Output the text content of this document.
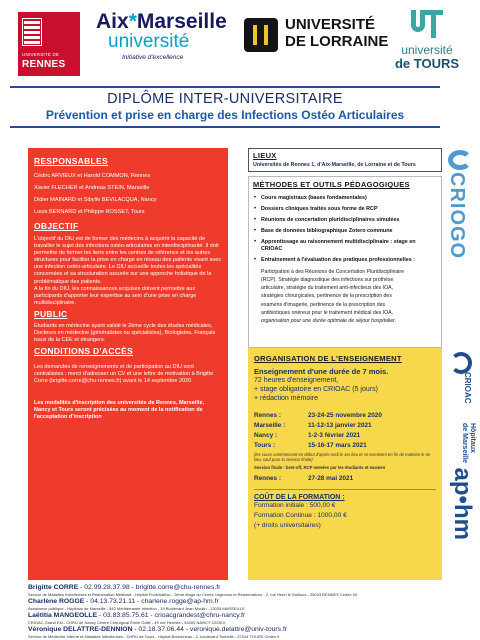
UNIVERSITÉ DE
RENNES
Aix*Marseille
université
Initiative d'excellence
UNIVERSITÉ
DE LORRAINE	université
de TOURS
DIPLÔME INTER-UNIVERSITAIRE
Prévention et prise en charge des Infections Ostéo Articulaires
RESPONSABLES
Cédric ARVIEUX et Harold COMMON, Rennes
Xavier FLECHER et Andreas STEIN, Marseille
Didier MAINARD et Sibylle BEVILACQUA, Nancy
Louis BERNARD et Philippe ROSSET, Tours
OBJECTIF

L'objectif du DIU est de former des médecins à acquérir la capacité de travailler le sujet des infections ostéo-articulaires en interdisciplinarité. Il doit permettre de former les liens entre les centres de référence et les autres structures pour faciliter la prise en charge en réseau des patients vivant avec une infection ostéo-articulaire. Le DIU accueille toutes les spécialités concernées et sa structuration assurée sur une approche holistique de la problématique des patients.

A la fin du DIU, les connaissances acquises doivent permettre aux participants d'apporter leur expertise au sein d'une prise en charge multidisciplinaire.

PUBLIC

Étudiants en médecine ayant validé le 2ème cycle des études médicales, Docteurs en médecine (généralistes ou spécialistes), Biologistes, Français issus de la CEE et étrangers.

CONDITIONS D'ACCÈS

Les demandes de renseignements et de participation au DIU sont centralisées : merci d'adresser un CV et une lettre de motivation à Brigitte Corre (brigitte.corre@chu-rennes.fr) avant le 14 septembre 2020

Les modalités d'inscription des universités de Rennes, Marseille, Nancy et Tours seront précisées au moment de la notification de l'acceptation d'inscription

LIEUX

Universités de Rennes 1, d'Aix-Marseille, de Lorraine et de Tours

MÉTHODES ET OUTILS PÉDAGOGIQUES
• Cours magistraux (bases fondamentales)
• Dossiers cliniques traités sous forme de RCP
• Réunions de concertation pluridisciplinaires simulées
• Base de données bibliographique Zotero commune
• Apprentissage au raisonnement multidisciplinaire : stage en CRIOAC
• Entraînement à l'évaluation des pratiques professionnelles :
Participation à des Réunions de Concertation Pluridisciplinaire
(RCP). Stratégie diagnostique des infections sur prothèse
articulaire, stratégie du traitement anti-infectieux des IOA,
stratégies chirurgicales, pertinence de la prescription des
examens d'imagerie, pertinence de la prescription des
antibiotiques onéreux pour le traitement médical des IOA,
organisation pour une durée optimale de séjour hospitalier.
ORGANISATION DE L'ENSEIGNEMENT
Enseignement d'une durée de 7 mois.
72 heures d'enseignement,
+ stage obligatoire en CRIOAC (5 jours)
+ rédaction mémoire
Rennes :	23-24-25 novembre 2020
Marseille :	11-12-13 janvier 2021
Nancy :	1-2-3 février 2021
Tours :	15-16-17 mars 2021
(les cours commencent en début d'après-midi le 1er lieu et se terminent en fin de matinée le 3e lieu, sauf pour la session finale)
Session finale : best-off, RCP menées par les étudiants et examen
Rennes :	27-28 mai 2021
COÛT DE LA FORMATION :
Formation initiale : 500,00 €
Formation Continue : 1000,00 €
(+ droits universitaires)
CRIOGO
CRIOAC
Hôpitaux
de Marseille ap•hm
Brigitte CORRE - 02.99.28.37.98 - brigitte.corre@chu-rennes.fr
Service de Maladies Infectieuses et Réanimation Médicale - Hôpital Pontchaillou - 2ème étage du Centre Urgences et Réanimations - 2, rue Henri le Guilloux - 35033 RENNES Cedex 09
Charlène ROGGE - 04.13.73.21.11 - charlene.rogge@ap-hm.fr
Assistance publique - Hôpitaux de Marseille - 842 Méditerranée Infection - 19 Boulevard Jean Moulin - 13005 MARSEILLE
Laëtitia MANGEOLLE - 03.83.85.75.61 - crioacgrandest@chru-nancy.fr
CRIOAC Grand Est - CHRU de Nancy Centre Chirurgical Émile Gallé - 49 rue Hermite - 54000 NANCY CEDEX
Véronique DELATTRE-DENNION - 02.18.37.06.44 - veronique.delattre@univ-tours.fr
Service de Médecine Interne et Maladies Infectieuses - CHRU de Tours - Hôpital Bretonneau - 2, boulevard Tonnellé - 37044 TOURS Cedex 9
